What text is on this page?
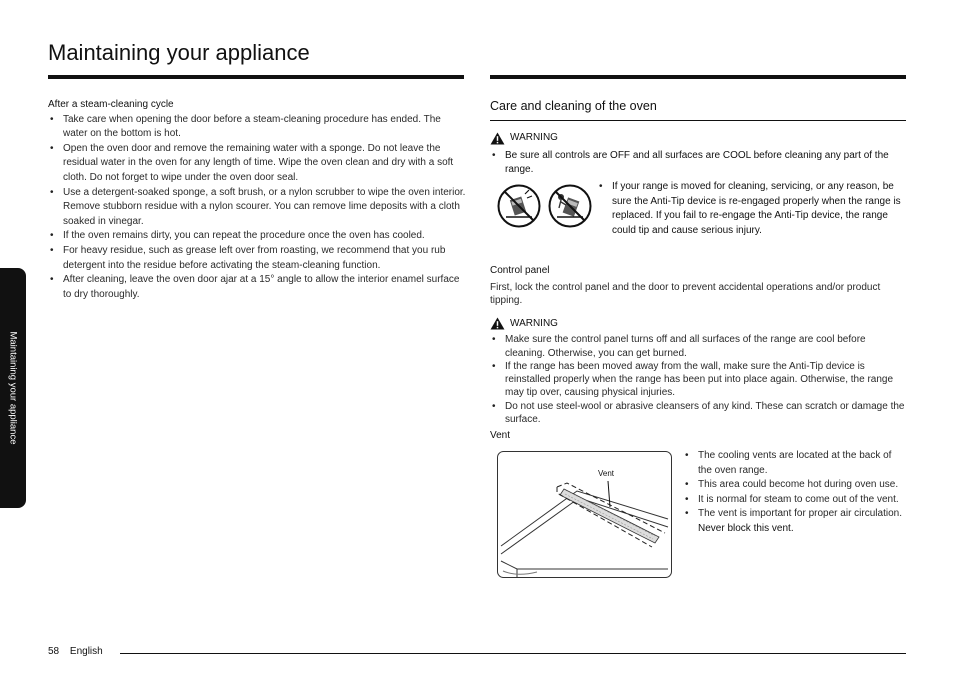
Maintaining your appliance
Maintaining your appliance

After a steam-cleaning cycle

• Take care when opening the door before a steam-cleaning procedure has ended. The water on the bottom is hot.
• Open the oven door and remove the remaining water with a sponge. Do not leave the residual water in the oven for any length of time. Wipe the oven clean and dry with a soft cloth. Do not forget to wipe under the oven door seal.
• Use a detergent-soaked sponge, a soft brush, or a nylon scrubber to wipe the oven interior. Remove stubborn residue with a nylon scourer. You can remove lime deposits with a cloth soaked in vinegar.
• If the oven remains dirty, you can repeat the procedure once the oven has cooled.
• For heavy residue, such as grease left over from roasting, we recommend that you rub detergent into the residue before activating the steam-cleaning function.
• After cleaning, leave the oven door ajar at a 15° angle to allow the interior enamel surface to dry thoroughly.

Care and cleaning of the oven

WARNING
• Be sure all controls are OFF and all surfaces are COOL before cleaning any part of the range.
• If your range is moved for cleaning, servicing, or any reason, be sure the Anti-Tip device is re-engaged properly when the range is replaced. If you fail to re-engage the Anti-Tip device, the range could tip and cause serious injury.

Control panel

First, lock the control panel and the door to prevent accidental operations and/or product tipping.

WARNING
• Make sure the control panel turns off and all surfaces of the range are cool before cleaning. Otherwise, you can get burned.
• If the range has been moved away from the wall, make sure the Anti-Tip device is reinstalled properly when the range has been put into place again. Otherwise, the range may tip over, causing physical injuries.
• Do not use steel-wool or abrasive cleansers of any kind. These can scratch or damage the surface.

Vent

Vent
• The cooling vents are located at the back of the oven range.
• This area could become hot during oven use.
• It is normal for steam to come out of the vent.
• The vent is important for proper air circulation. Never block this vent.
58 English
